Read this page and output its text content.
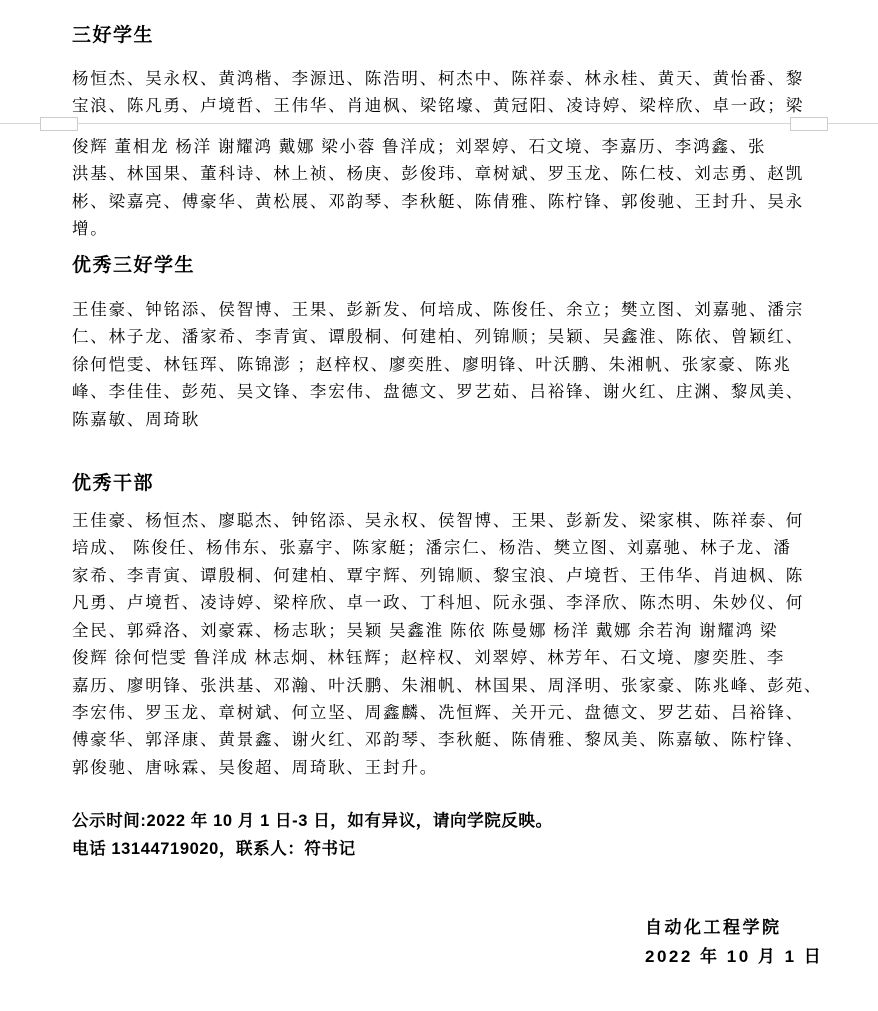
三好学生
杨恒杰、吴永权、黄鸿楷、李源迅、陈浩明、柯杰中、陈祥泰、林永桂、黄天、黄怡番、黎
宝浪、陈凡勇、卢境哲、王伟华、肖迪枫、梁铭壕、黄冠阳、凌诗婷、梁梓欣、卓一政；梁
俊辉 董相龙 杨洋 谢耀鸿 戴娜 梁小蓉 鲁洋成；刘翠婷、石文境、李嘉历、李鸿鑫、张
洪基、林国果、董科诗、林上祯、杨庚、彭俊玮、章树斌、罗玉龙、陈仁枝、刘志勇、赵凯
彬、梁嘉亮、傅豪华、黄松展、邓韵琴、李秋艇、陈倩雅、陈柠锋、郭俊驰、王封升、吴永
增。
优秀三好学生
王佳豪、钟铭添、侯智博、王果、彭新发、何培成、陈俊任、余立；樊立图、刘嘉驰、潘宗
仁、林子龙、潘家希、李青寅、谭殷桐、何建柏、列锦顺；吴颖、吴鑫淮、陈依、曾颖红、
徐何恺雯、林钰珲、陈锦澎 ；赵梓权、廖奕胜、廖明锋、叶沃鹏、朱湘帆、张家豪、陈兆
峰、李佳佳、彭苑、吴文锋、李宏伟、盘德文、罗艺茹、吕裕锋、谢火红、庄渊、黎凤美、
陈嘉敏、周琦耿
优秀干部
王佳豪、杨恒杰、廖聪杰、钟铭添、吴永权、侯智博、王果、彭新发、梁家棋、陈祥泰、何
培成、 陈俊任、杨伟东、张嘉宇、陈家艇；潘宗仁、杨浩、樊立图、刘嘉驰、林子龙、潘
家希、李青寅、谭殷桐、何建柏、覃宇辉、列锦顺、黎宝浪、卢境哲、王伟华、肖迪枫、陈
凡勇、卢境哲、凌诗婷、梁梓欣、卓一政、丁科旭、阮永强、李泽欣、陈杰明、朱妙仪、何
全民、郭舜洛、刘豪霖、杨志耿；吴颖 吴鑫淮 陈依 陈曼娜 杨洋 戴娜 余若洵 谢耀鸿 梁
俊辉 徐何恺雯 鲁洋成 林志炯、林钰辉；赵梓权、刘翠婷、林芳年、石文境、廖奕胜、李
嘉历、廖明锋、张洪基、邓瀚、叶沃鹏、朱湘帆、林国果、周泽明、张家豪、陈兆峰、彭苑、
李宏伟、罗玉龙、章树斌、何立坚、周鑫麟、冼恒辉、关开元、盘德文、罗艺茹、吕裕锋、
傅豪华、郭泽康、黄景鑫、谢火红、邓韵琴、李秋艇、陈倩雅、黎凤美、陈嘉敏、陈柠锋、
郭俊驰、唐咏霖、吴俊超、周琦耿、王封升。
公示时间:2022 年 10 月 1 日-3 日，如有异议，请向学院反映。
电话 13144719020，联系人：符书记
自动化工程学院
2022 年 10 月 1 日
